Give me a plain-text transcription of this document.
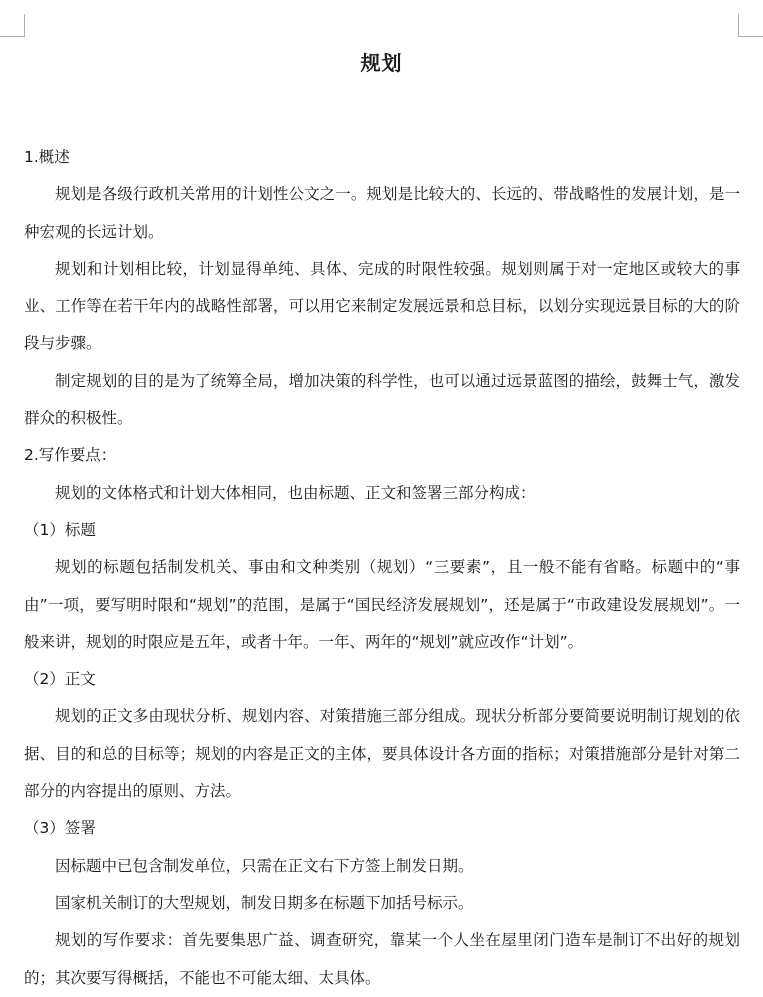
规划

1.概述

规划是各级行政机关常用的计划性公文之一。规划是比较大的、长远的、带战略性的发展计划，是一种宏观的长远计划。

规划和计划相比较，计划显得单纯、具体、完成的时限性较强。规划则属于对一定地区或较大的事业、工作等在若干年内的战略性部署，可以用它来制定发展远景和总目标，以划分实现远景目标的大的阶段与步骤。

制定规划的目的是为了统筹全局，增加决策的科学性，也可以通过远景蓝图的描绘，鼓舞士气，激发群众的积极性。

2.写作要点：

规划的文体格式和计划大体相同，也由标题、正文和签署三部分构成：

（1）标题

规划的标题包括制发机关、事由和文种类别（规划）“三要素”，且一般不能有省略。标题中的“事由”一项，要写明时限和“规划”的范围，是属于“国民经济发展规划”，还是属于“市政建设发展规划”。一般来讲，规划的时限应是五年，或者十年。一年、两年的“规划”就应改作“计划”。

（2）正文

规划的正文多由现状分析、规划内容、对策措施三部分组成。现状分析部分要简要说明制订规划的依据、目的和总的目标等；规划的内容是正文的主体，要具体设计各方面的指标；对策措施部分是针对第二部分的内容提出的原则、方法。

（3）签署

因标题中已包含制发单位，只需在正文右下方签上制发日期。

国家机关制订的大型规划，制发日期多在标题下加括号标示。

规划的写作要求：首先要集思广益、调查研究，靠某一个人坐在屋里闭门造车是制订不出好的规划的；其次要写得概括，不能也不可能太细、太具体。
